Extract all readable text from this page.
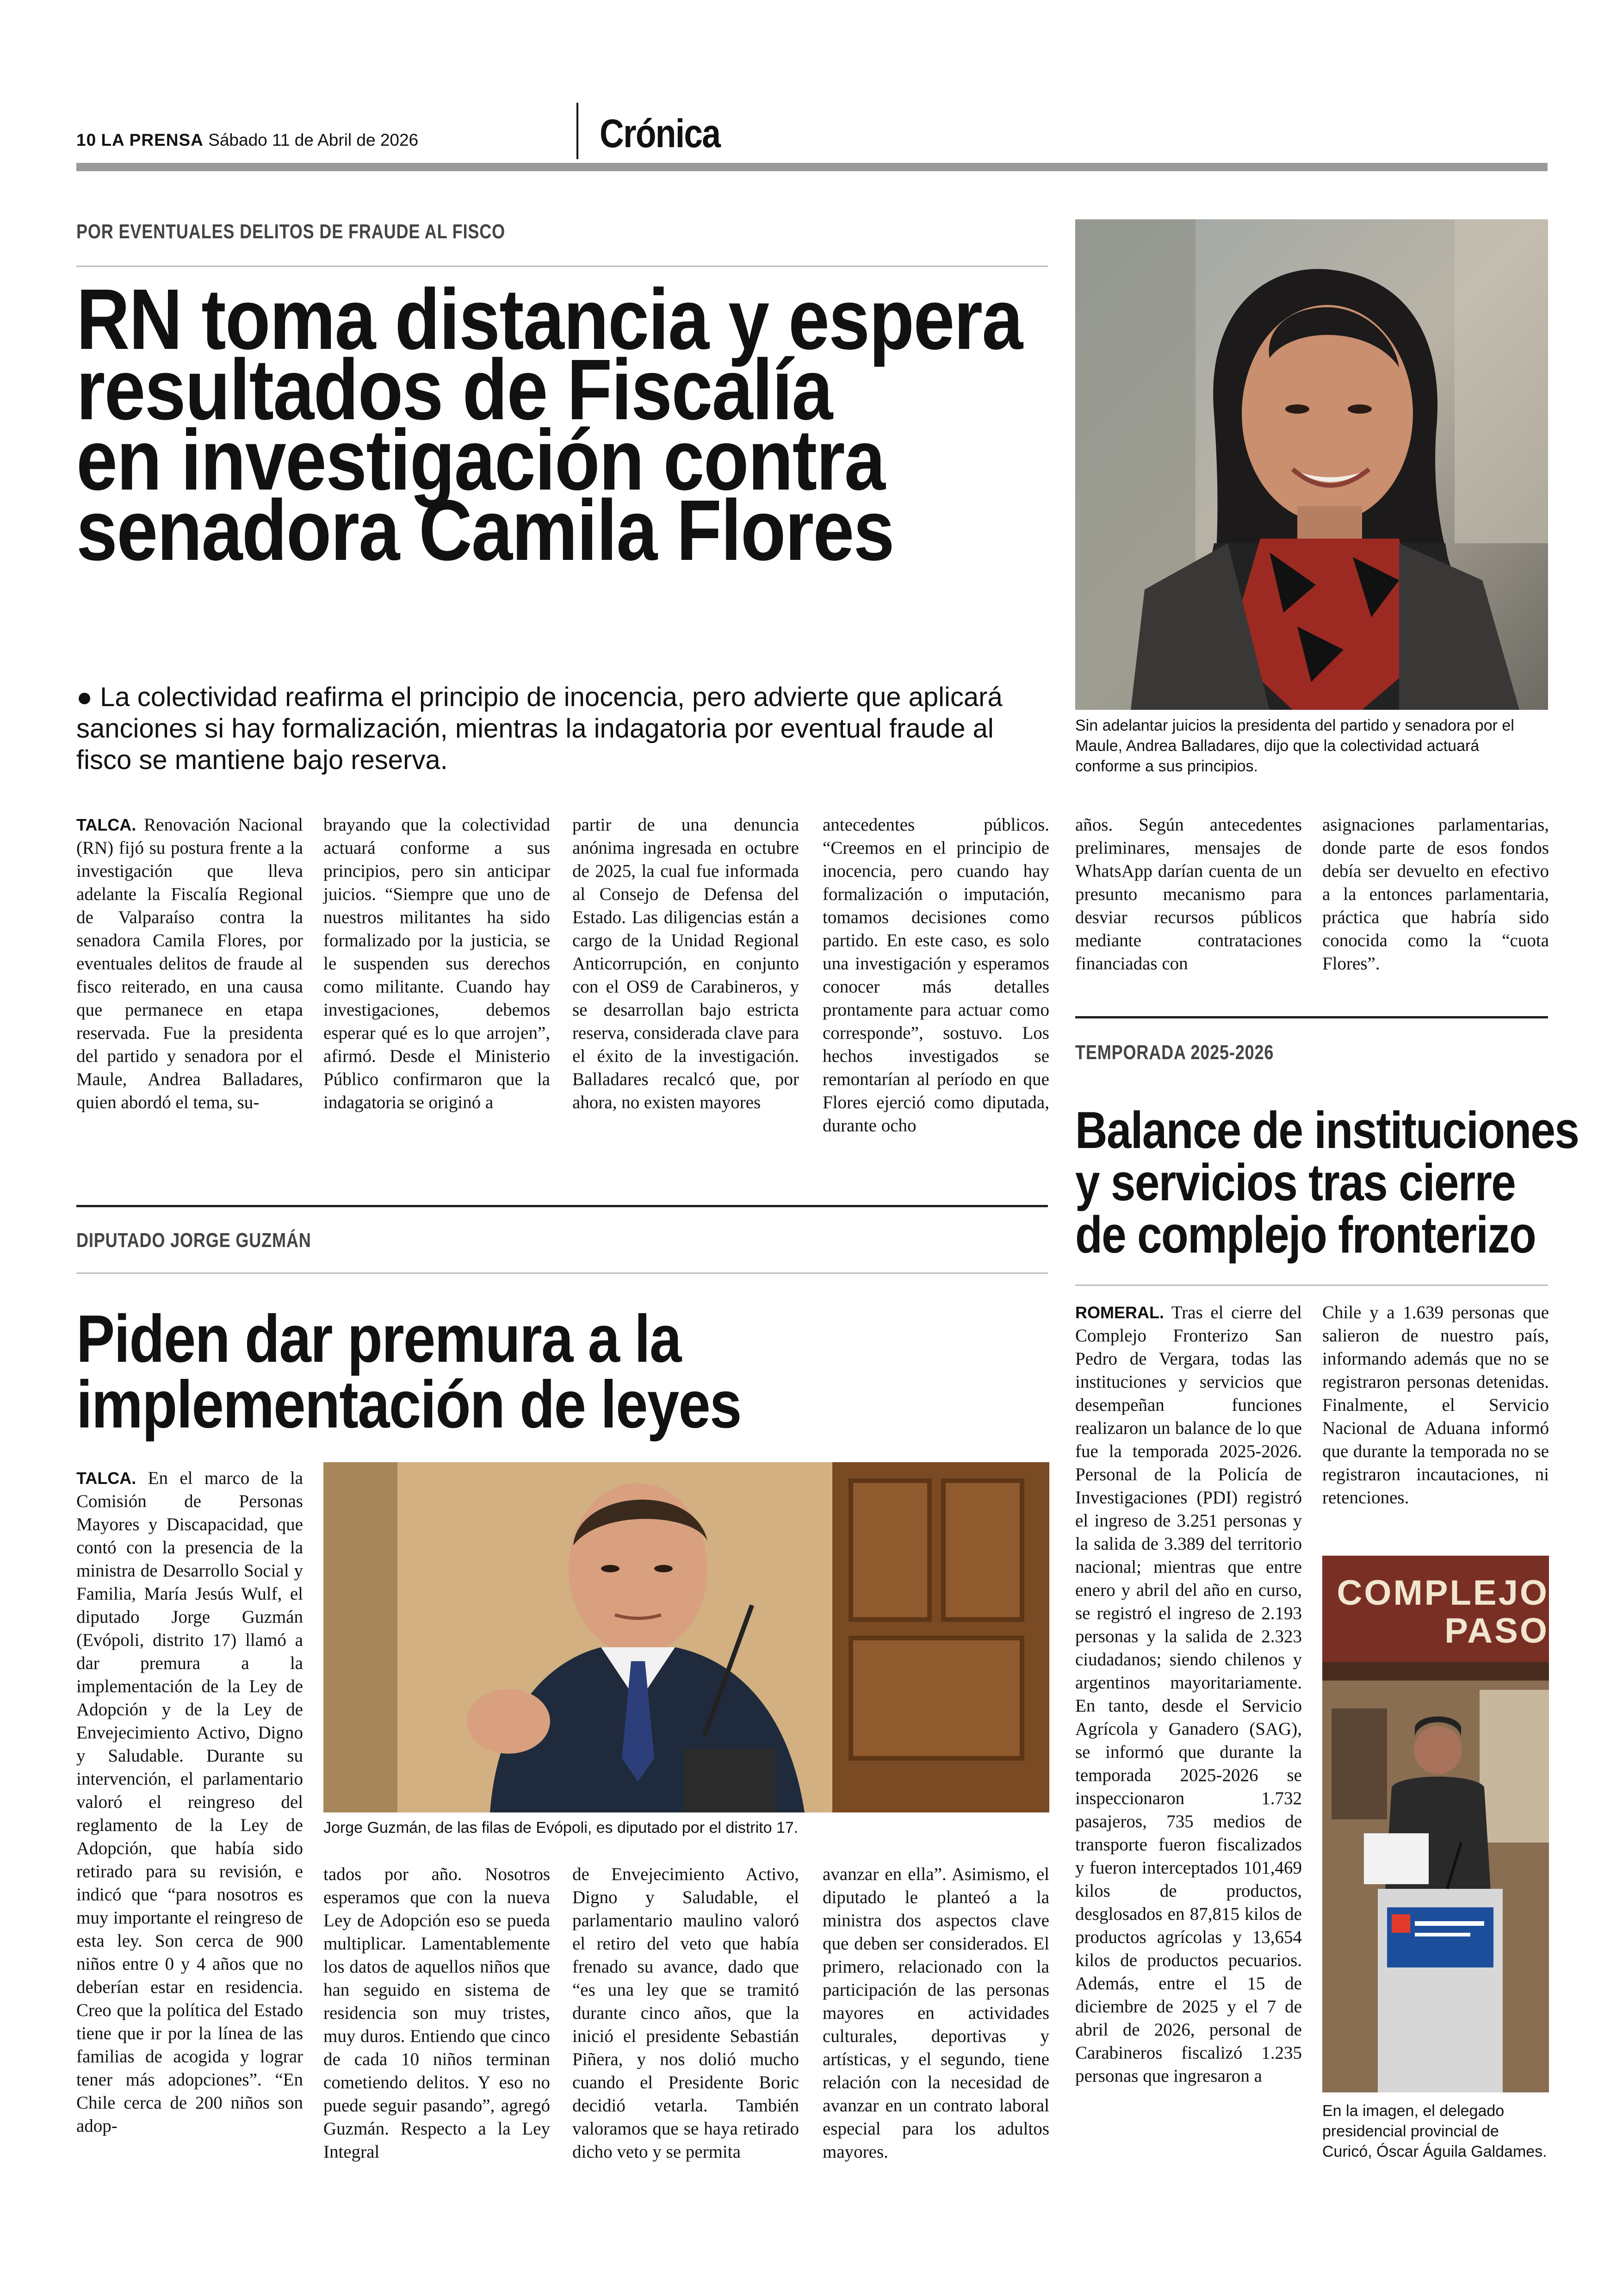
10 LA PRENSA Sábado 11 de Abril de 2026	Crónica
POR EVENTUALES DELITOS DE FRAUDE AL FISCO
RN toma distancia y espera
resultados de Fiscalía
en investigación contra
senadora Camila Flores
● La colectividad reafirma el principio de inocencia, pero advierte que aplicará sanciones si hay formalización, mientras la indagatoria por eventual fraude al fisco se mantiene bajo reserva.
Sin adelantar juicios la presidenta del partido y senadora por el Maule, Andrea Balladares, dijo que la colectividad actuará conforme a sus principios.
TALCA. Renovación Nacional (RN) fijó su postura frente a la investigación que lleva adelante la Fiscalía Regional de Valparaíso contra la senadora Camila Flores, por eventuales delitos de fraude al fisco reiterado, en una causa que permanece en etapa reservada. Fue la presidenta del partido y senadora por el Maule, Andrea Balladares, quien abordó el tema, su-
brayando que la colectividad actuará conforme a sus principios, pero sin anticipar juicios. “Siempre que uno de nuestros militantes ha sido formalizado por la justicia, se le suspenden sus derechos como militante. Cuando hay investigaciones, debemos esperar qué es lo que arrojen”, afirmó. Desde el Ministerio Público confirmaron que la indagatoria se originó a
partir de una denuncia anónima ingresada en octubre de 2025, la cual fue informada al Consejo de Defensa del Estado. Las diligencias están a cargo de la Unidad Regional Anticorrupción, en conjunto con el OS9 de Carabineros, y se desarrollan bajo estricta reserva, considerada clave para el éxito de la investigación. Balladares recalcó que, por ahora, no existen mayores
antecedentes públicos. “Creemos en el principio de inocencia, pero cuando hay formalización o imputación, tomamos decisiones como partido. En este caso, es solo una investigación y esperamos conocer más detalles prontamente para actuar como corresponde”, sostuvo. Los hechos investigados se remontarían al período en que Flores ejerció como diputada, durante ocho
años. Según antecedentes preliminares, mensajes de WhatsApp darían cuenta de un presunto mecanismo para desviar recursos públicos mediante contrataciones financiadas con
asignaciones parlamentarias, donde parte de esos fondos debía ser devuelto en efectivo a la entonces parlamentaria, práctica que habría sido conocida como la “cuota Flores”.
TEMPORADA 2025-2026
Balance de instituciones
y servicios tras cierre
de complejo fronterizo
ROMERAL. Tras el cierre del Complejo Fronterizo San Pedro de Vergara, todas las instituciones y servicios que desempeñan funciones realizaron un balance de lo que fue la temporada 2025-2026. Personal de la Policía de Investigaciones (PDI) registró el ingreso de 3.251 personas y la salida de 3.389 del territorio nacional; mientras que entre enero y abril del año en curso, se registró el ingreso de 2.193 personas y la salida de 2.323 ciudadanos; siendo chilenos y argentinos mayoritariamente. En tanto, desde el Servicio Agrícola y Ganadero (SAG), se informó que durante la temporada 2025-2026 se inspeccionaron 1.732 pasajeros, 735 medios de transporte fueron fiscalizados y fueron interceptados 101,469 kilos de productos, desglosados en 87,815 kilos de productos agrícolas y 13,654 kilos de productos pecuarios. Además, entre el 15 de diciembre de 2025 y el 7 de abril de 2026, personal de Carabineros fiscalizó 1.235 personas que ingresaron a
Chile y a 1.639 personas que salieron de nuestro país, informando además que no se registraron personas detenidas. Finalmente, el Servicio Nacional de Aduana informó que durante la temporada no se registraron incautaciones, ni retenciones.
COMPLEJO PASO
En la imagen, el delegado presidencial provincial de Curicó, Óscar Águila Galdames.
DIPUTADO JORGE GUZMÁN
Piden dar premura a la
implementación de leyes
Jorge Guzmán, de las filas de Evópoli, es diputado por el distrito 17.
TALCA. En el marco de la Comisión de Personas Mayores y Discapacidad, que contó con la presencia de la ministra de Desarrollo Social y Familia, María Jesús Wulf, el diputado Jorge Guzmán (Evópoli, distrito 17) llamó a dar premura a la implementación de la Ley de Adopción y de la Ley de Envejecimiento Activo, Digno y Saludable. Durante su intervención, el parlamentario valoró el reingreso del reglamento de la Ley de Adopción, que había sido retirado para su revisión, e indicó que “para nosotros es muy importante el reingreso de esta ley. Son cerca de 900 niños entre 0 y 4 años que no deberían estar en residencia. Creo que la política del Estado tiene que ir por la línea de las familias de acogida y lograr tener más adopciones”. “En Chile cerca de 200 niños son adop-
tados por año. Nosotros esperamos que con la nueva Ley de Adopción eso se pueda multiplicar. Lamentablemente los datos de aquellos niños que han seguido en sistema de residencia son muy tristes, muy duros. Entiendo que cinco de cada 10 niños terminan cometiendo delitos. Y eso no puede seguir pasando”, agregó Guzmán. Respecto a la Ley Integral
de Envejecimiento Activo, Digno y Saludable, el parlamentario maulino valoró el retiro del veto que había frenado su avance, dado que “es una ley que se tramitó durante cinco años, que la inició el presidente Sebastián Piñera, y nos dolió mucho cuando el Presidente Boric decidió vetarla. También valoramos que se haya retirado dicho veto y se permita
avanzar en ella”. Asimismo, el diputado le planteó a la ministra dos aspectos clave que deben ser considerados. El primero, relacionado con la participación de las personas mayores en actividades culturales, deportivas y artísticas, y el segundo, tiene relación con la necesidad de avanzar en un contrato laboral especial para los adultos mayores.
